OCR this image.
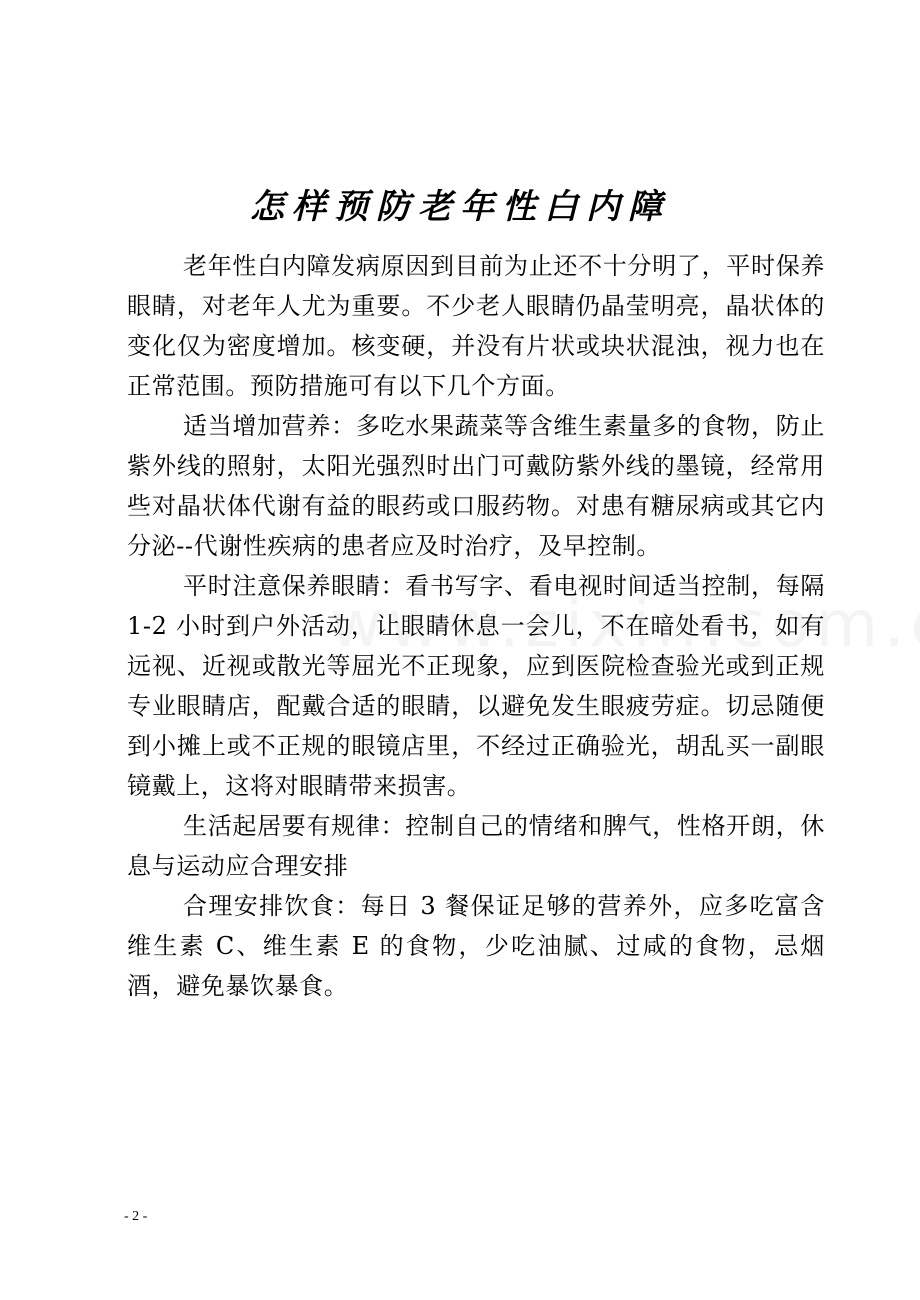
怎样预防老年性白内障

老年性白内障发病原因到目前为止还不十分明了，平时保养眼睛，对老年人尤为重要。不少老人眼睛仍晶莹明亮，晶状体的变化仅为密度增加。核变硬，并没有片状或块状混浊，视力也在正常范围。预防措施可有以下几个方面。

适当增加营养：多吃水果蔬菜等含维生素量多的食物，防止紫外线的照射，太阳光强烈时出门可戴防紫外线的墨镜，经常用些对晶状体代谢有益的眼药或口服药物。对患有糖尿病或其它内分泌--代谢性疾病的患者应及时治疗，及早控制。

平时注意保养眼睛：看书写字、看电视时间适当控制，每隔 1-2 小时到户外活动，让眼睛休息一会儿，不在暗处看书，如有远视、近视或散光等屈光不正现象，应到医院检查验光或到正规专业眼睛店，配戴合适的眼睛，以避免发生眼疲劳症。切忌随便到小摊上或不正规的眼镜店里，不经过正确验光，胡乱买一副眼镜戴上，这将对眼睛带来损害。

生活起居要有规律：控制自己的情绪和脾气，性格开朗，休息与运动应合理安排

合理安排饮食：每日 3 餐保证足够的营养外，应多吃富含维生素 C、维生素 E 的食物，少吃油腻、过咸的食物，忌烟酒，避免暴饮暴食。

- 2 -
